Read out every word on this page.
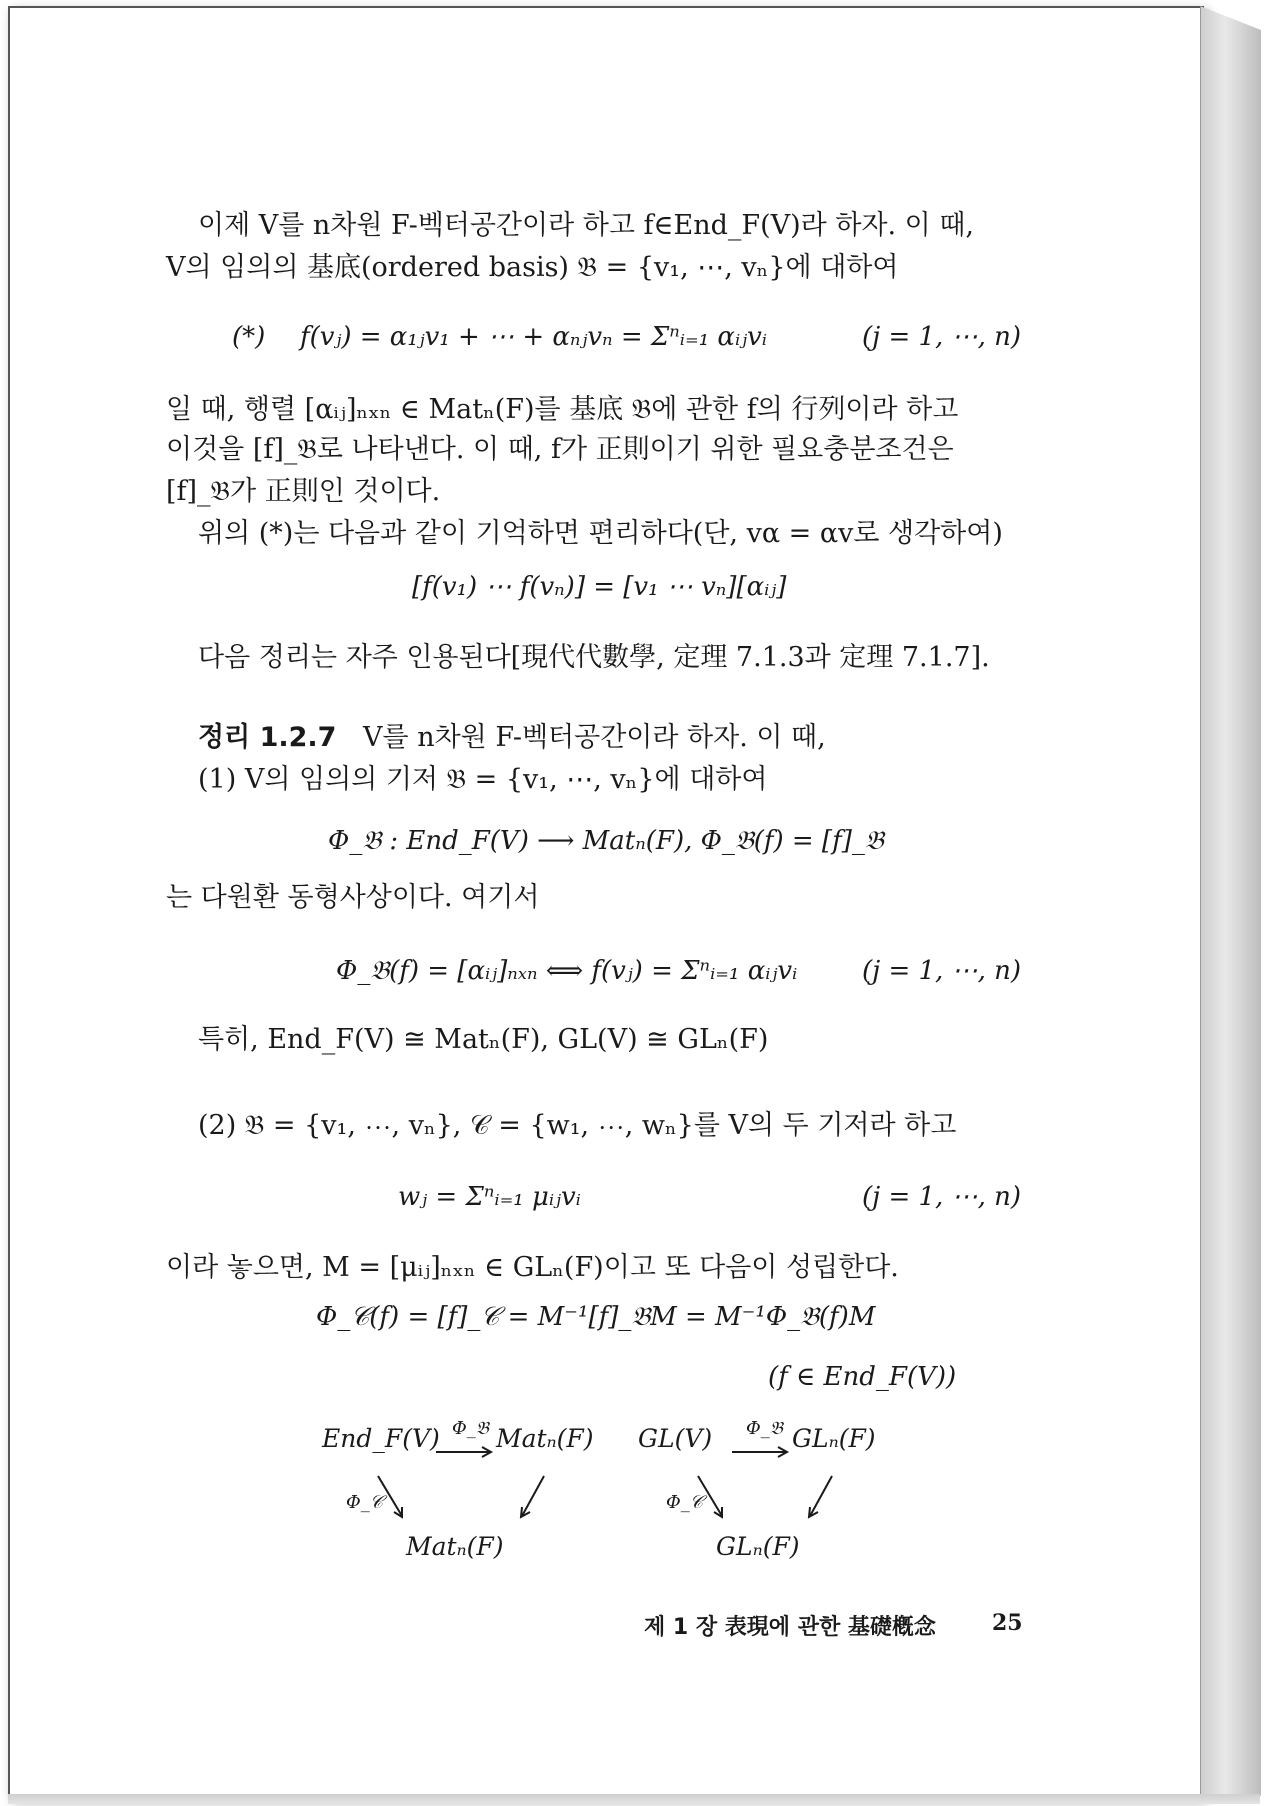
이제 V를 n차원 F-벡터공간이라 하고 f∈End_F(V)라 하자. 이 때,
V의 임의의 基底(ordered basis) 𝔅 = {v₁, ⋯, vₙ}에 대하여
(*) f(vⱼ) = α₁ⱼv₁ + ⋯ + αₙⱼvₙ = Σⁿᵢ₌₁ αᵢⱼvᵢ	(j = 1, ⋯, n)
일 때, 행렬 [αᵢⱼ]ₙₓₙ ∈ Matₙ(F)를 基底 𝔅에 관한 f의 行列이라 하고
이것을 [f]_𝔅로 나타낸다. 이 때, f가 正則이기 위한 필요충분조건은
[f]_𝔅가 正則인 것이다.
위의 (*)는 다음과 같이 기억하면 편리하다(단, vα = αv로 생각하여)
[f(v₁) ⋯ f(vₙ)] = [v₁ ⋯ vₙ][αᵢⱼ]
다음 정리는 자주 인용된다[現代代數學, 定理 7.1.3과 定理 7.1.7].
정리 1.2.7 V를 n차원 F-벡터공간이라 하자. 이 때,
(1) V의 임의의 기저 𝔅 = {v₁, ⋯, vₙ}에 대하여
Φ_𝔅 : End_F(V) ⟶ Matₙ(F), Φ_𝔅(f) = [f]_𝔅
는 다원환 동형사상이다. 여기서
Φ_𝔅(f) = [αᵢⱼ]ₙₓₙ ⟺ f(vⱼ) = Σⁿᵢ₌₁ αᵢⱼvᵢ (j = 1, ⋯, n)
특히, End_F(V) ≅ Matₙ(F), GL(V) ≅ GLₙ(F)
(2) 𝔅 = {v₁, ⋯, vₙ}, 𝒞 = {w₁, ⋯, wₙ}를 V의 두 기저라 하고
wⱼ = Σⁿᵢ₌₁ μᵢⱼvᵢ	(j = 1, ⋯, n)
이라 놓으면, M = [μᵢⱼ]ₙₓₙ ∈ GLₙ(F)이고 또 다음이 성립한다.
Φ_𝒞(f) = [f]_𝒞 = M⁻¹[f]_𝔅M = M⁻¹Φ_𝔅(f)M
(f ∈ End_F(V))
End_F(V) Φ_𝔅 Matₙ(F)
Φ_𝒞
Matₙ(F)
GL(V) Φ_𝔅 GLₙ(F)
Φ_𝒞
GLₙ(F)
제 1 장 表現에 관한 基礎槪念	25
